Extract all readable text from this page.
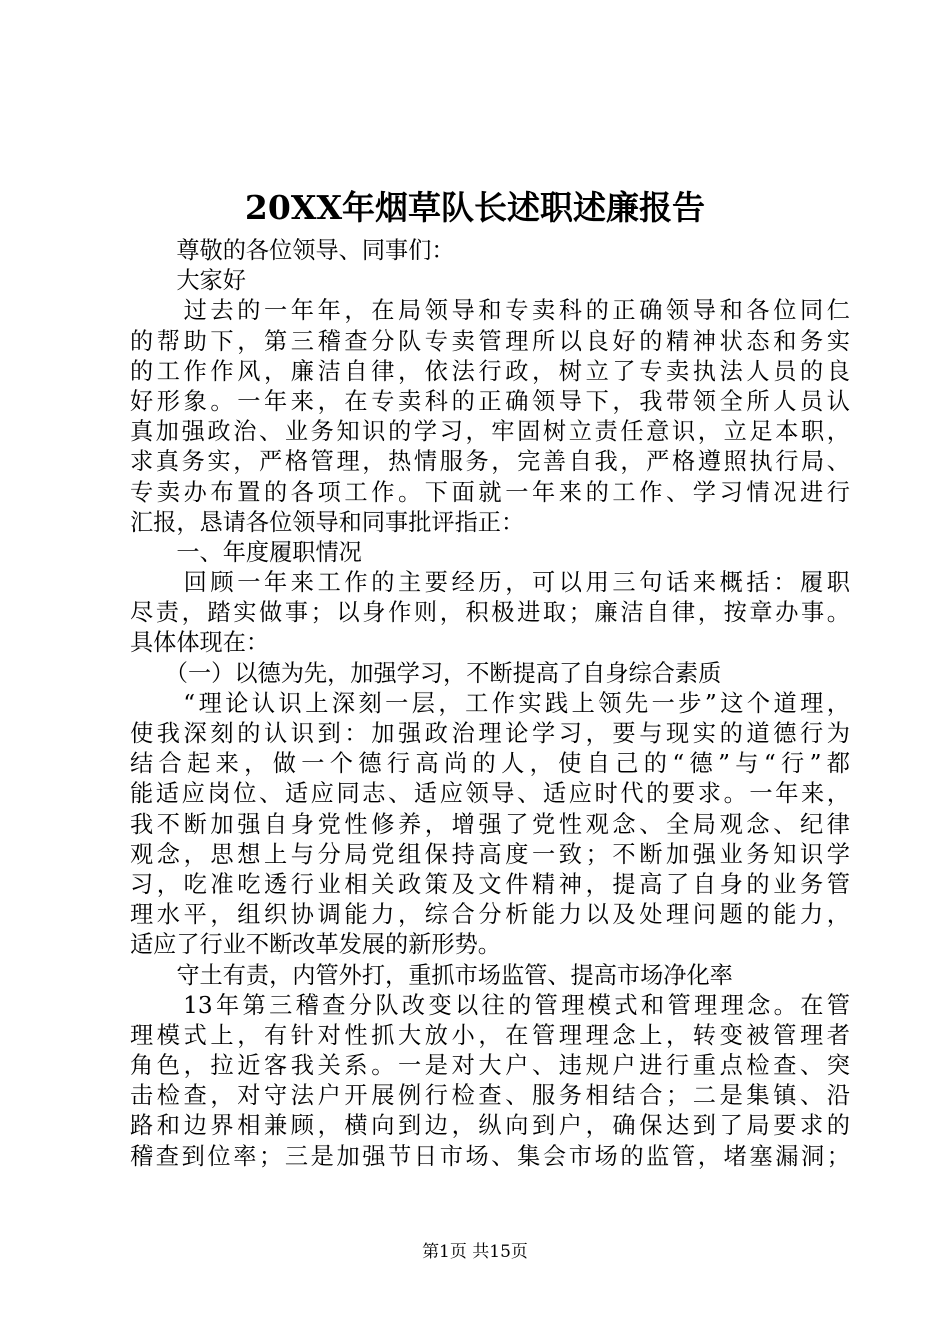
20XX年烟草队长述职述廉报告
　　尊敬的各位领导、同事们：
　　大家好
　　过去的一年年，在局领导和专卖科的正确领导和各位同仁
的帮助下，第三稽查分队专卖管理所以良好的精神状态和务实
的工作作风，廉洁自律，依法行政，树立了专卖执法人员的良
好形象。一年来，在专卖科的正确领导下，我带领全所人员认
真加强政治、业务知识的学习，牢固树立责任意识，立足本职，
求真务实，严格管理，热情服务，完善自我，严格遵照执行局、
专卖办布置的各项工作。下面就一年来的工作、学习情况进行
汇报，恳请各位领导和同事批评指正：
　　一、年度履职情况
　　回顾一年来工作的主要经历，可以用三句话来概括：履职
尽责，踏实做事；以身作则，积极进取；廉洁自律，按章办事。
具体体现在：
　　（一）以德为先，加强学习，不断提高了自身综合素质
　　“理论认识上深刻一层，工作实践上领先一步”这个道理，
使我深刻的认识到：加强政治理论学习，要与现实的道德行为
结合起来，做一个德行高尚的人，使自己的“德”与“行”都
能适应岗位、适应同志、适应领导、适应时代的要求。一年来，
我不断加强自身党性修养，增强了党性观念、全局观念、纪律
观念，思想上与分局党组保持高度一致；不断加强业务知识学
习，吃准吃透行业相关政策及文件精神，提高了自身的业务管
理水平，组织协调能力，综合分析能力以及处理问题的能力，
适应了行业不断改革发展的新形势。
　　守土有责，内管外打，重抓市场监管、提高市场净化率
　　13年第三稽查分队改变以往的管理模式和管理理念。在管
理模式上，有针对性抓大放小，在管理理念上，转变被管理者
角色，拉近客我关系。一是对大户、违规户进行重点检查、突
击检查，对守法户开展例行检查、服务相结合；二是集镇、沿
路和边界相兼顾，横向到边，纵向到户，确保达到了局要求的
稽查到位率；三是加强节日市场、集会市场的监管，堵塞漏洞；
第1页 共15页
